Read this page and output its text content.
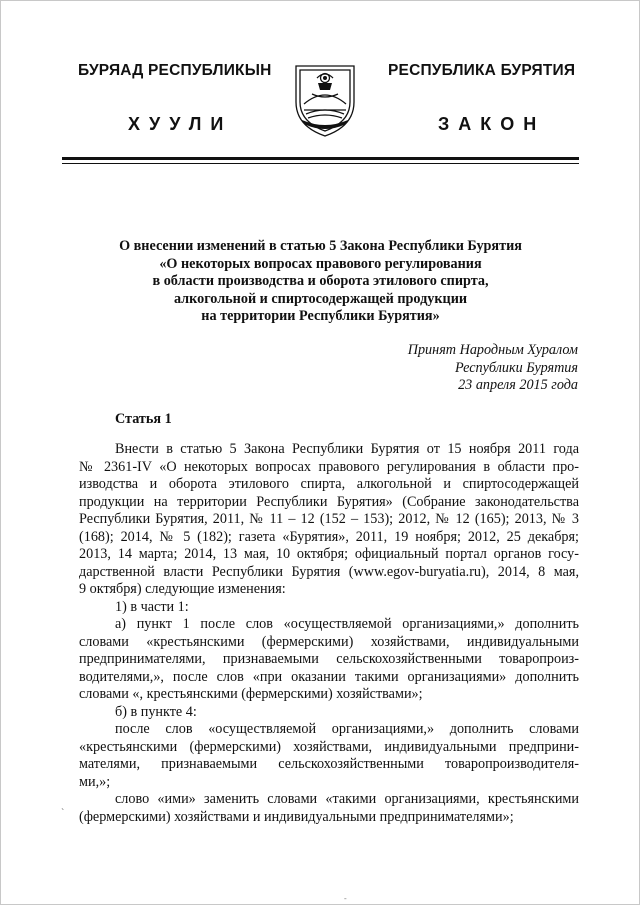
БУРЯАД РЕСПУБЛИКЫН
ХУУЛИ
РЕСПУБЛИКА БУРЯТИЯ
ЗАКОН
О внесении изменений в статью 5 Закона Республики Бурятия
«О некоторых вопросах правового регулирования
в области производства и оборота этилового спирта,
алкогольной и спиртосодержащей продукции
на территории Республики Бурятия»
Принят Народным Хуралом
Республики Бурятия
23 апреля 2015 года
Статья 1
Внести в статью 5 Закона Республики Бурятия от 15 ноября 2011 года
№ 2361-IV «О некоторых вопросах правового регулирования в области про-
изводства и оборота этилового спирта, алкогольной и спиртосодержащей
продукции на территории Республики Бурятия» (Собрание законодательства
Республики Бурятия, 2011, № 11 – 12 (152 – 153); 2012, № 12 (165); 2013, № 3
(168); 2014, № 5 (182); газета «Бурятия», 2011, 19 ноября; 2012, 25 декабря;
2013, 14 марта; 2014, 13 мая, 10 октября; официальный портал органов госу-
дарственной власти Республики Бурятия (www.egov-buryatia.ru), 2014, 8 мая,
9 октября) следующие изменения:
1) в части 1:
а) пункт 1 после слов «осуществляемой организациями,» дополнить
словами «крестьянскими (фермерскими) хозяйствами, индивидуальными
предпринимателями, признаваемыми сельскохозяйственными товаропроиз-
водителями,», после слов «при оказании такими организациями» дополнить
словами «, крестьянскими (фермерскими) хозяйствами»;
б) в пункте 4:
после слов «осуществляемой организациями,» дополнить словами
«крестьянскими (фермерскими) хозяйствами, индивидуальными предприни-
мателями, признаваемыми сельскохозяйственными товаропроизводителя-
ми,»;
слово «ими» заменить словами «такими организациями, крестьянскими
(фермерскими) хозяйствами и индивидуальными предпринимателями»;
`
-
